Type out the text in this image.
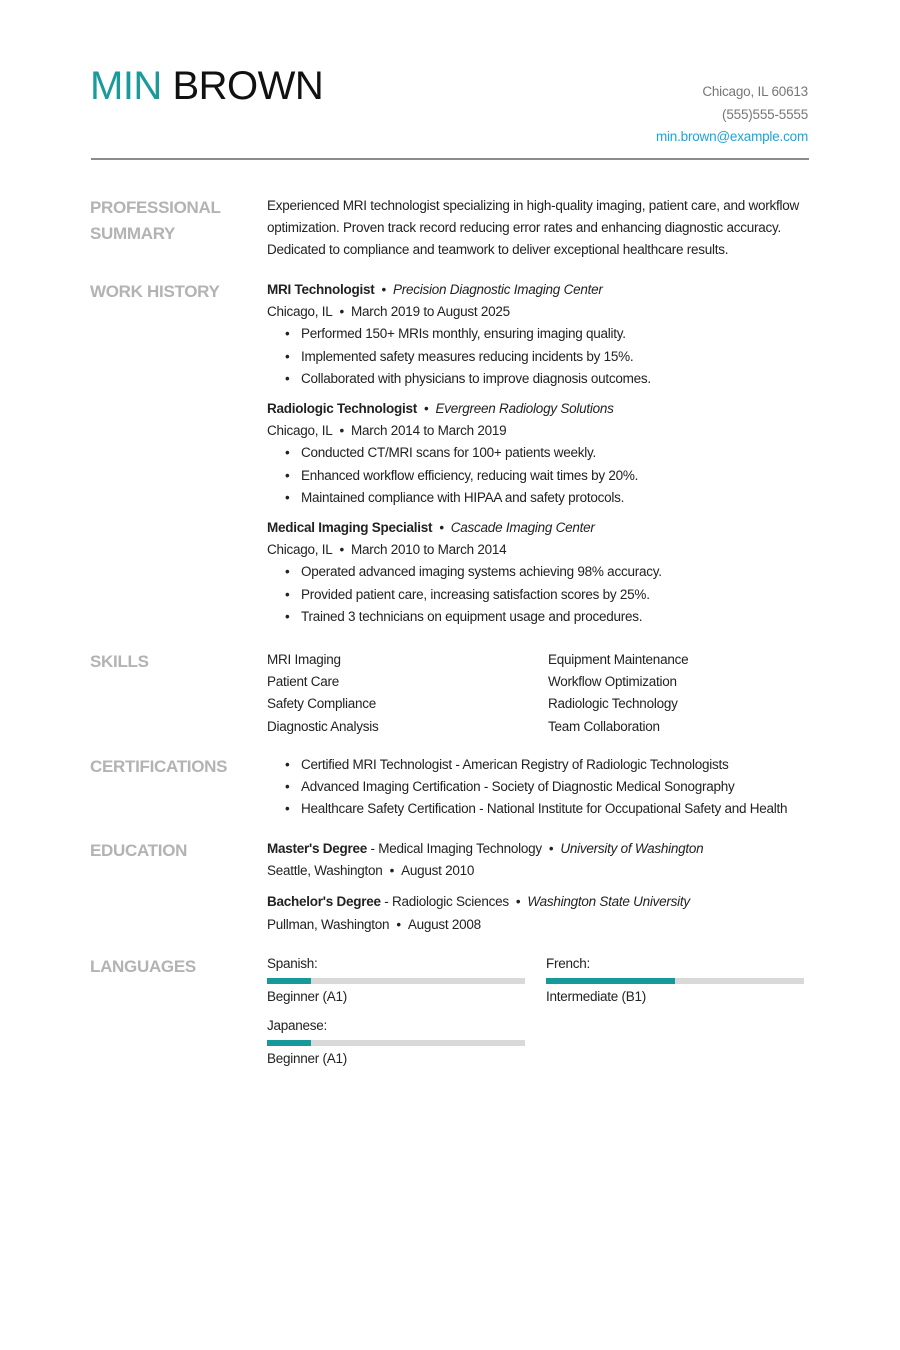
MIN BROWN	Chicago, IL 60613
(555)555-5555
min.brown@example.com
PROFESSIONAL SUMMARY

Experienced MRI technologist specializing in high-quality imaging, patient care, and workflow optimization. Proven track record reducing error rates and enhancing diagnostic accuracy. Dedicated to compliance and teamwork to deliver exceptional healthcare results.

WORK HISTORY	MRI Technologist • Precision Diagnostic Imaging Center
Chicago, IL • March 2019 to August 2025
• Performed 150+ MRIs monthly, ensuring imaging quality.
• Implemented safety measures reducing incidents by 15%.
• Collaborated with physicians to improve diagnosis outcomes.
Radiologic Technologist • Evergreen Radiology Solutions
Chicago, IL • March 2014 to March 2019
• Conducted CT/MRI scans for 100+ patients weekly.
• Enhanced workflow efficiency, reducing wait times by 20%.
• Maintained compliance with HIPAA and safety protocols.
Medical Imaging Specialist • Cascade Imaging Center
Chicago, IL • March 2010 to March 2014
• Operated advanced imaging systems achieving 98% accuracy.
• Provided patient care, increasing satisfaction scores by 25%.
• Trained 3 technicians on equipment usage and procedures.
SKILLS	MRI Imaging	Equipment Maintenance
Patient Care	Workflow Optimization
Safety Compliance	Radiologic Technology
Diagnostic Analysis	Team Collaboration
CERTIFICATIONS	• Certified MRI Technologist - American Registry of Radiologic Technologists
• Advanced Imaging Certification - Society of Diagnostic Medical Sonography
• Healthcare Safety Certification - National Institute for Occupational Safety and Health
EDUCATION	Master's Degree - Medical Imaging Technology • University of Washington
Seattle, Washington • August 2010
Bachelor's Degree - Radiologic Sciences • Washington State University
Pullman, Washington • August 2008
LANGUAGES	Spanish:
Beginner (A1)
French:
Intermediate (B1)
Japanese:
Beginner (A1)
